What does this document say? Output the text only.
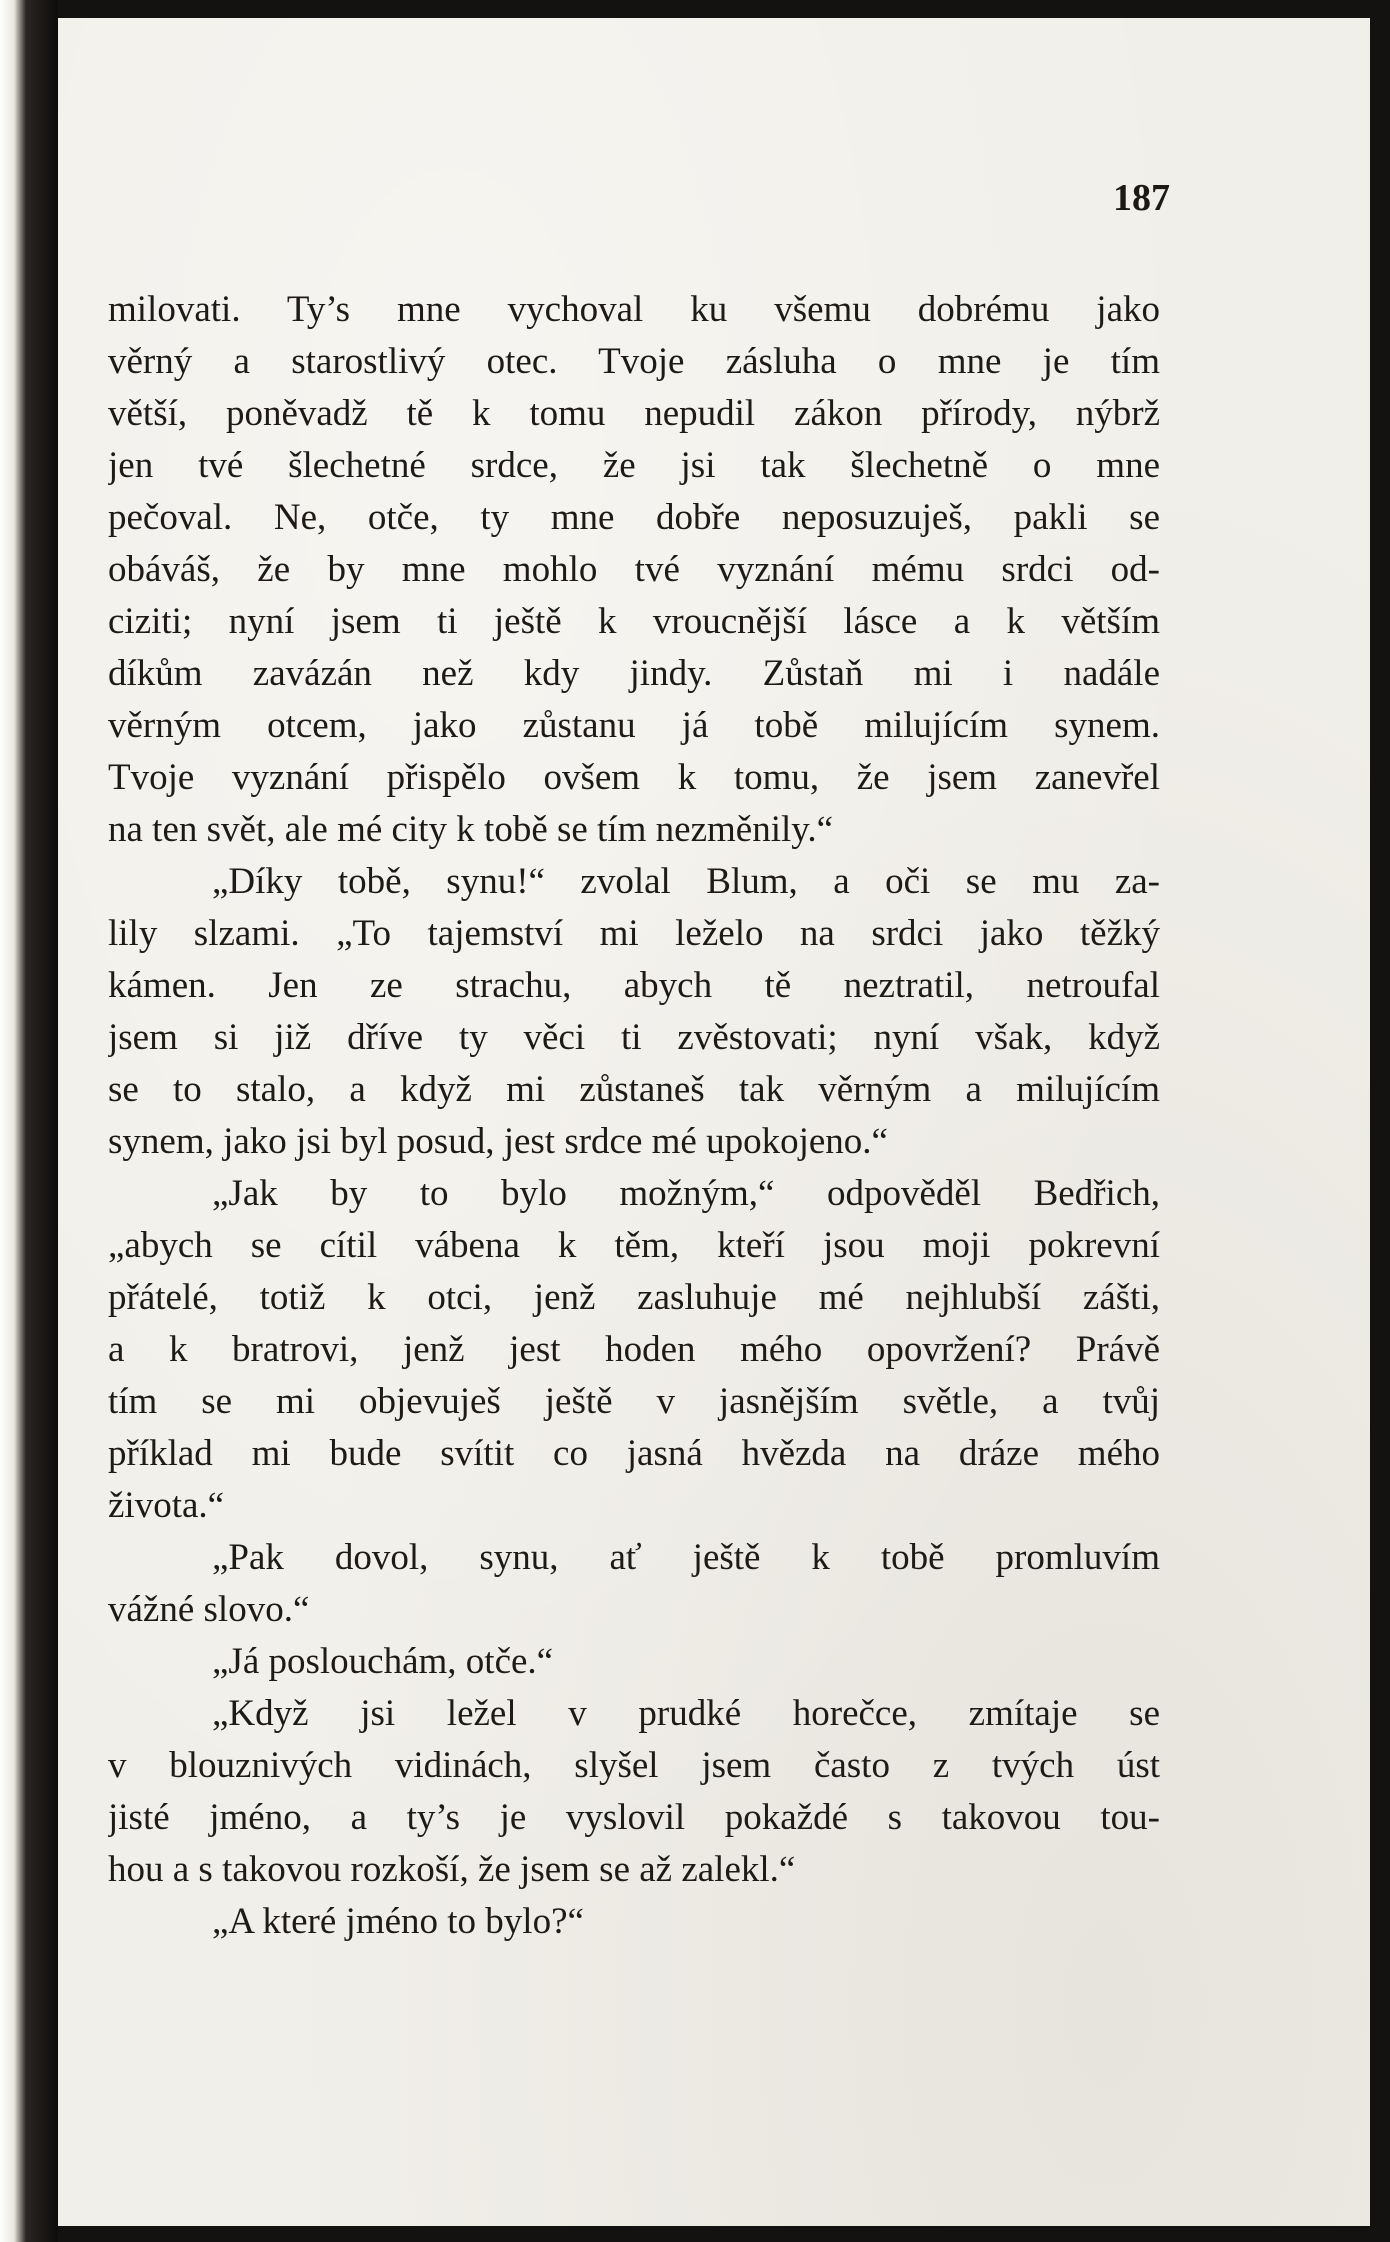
187
milovati. Ty’s mne vychoval ku všemu dobrému jako
věrný a starostlivý otec. Tvoje zásluha o mne je tím
větší, poněvadž tě k tomu nepudil zákon přírody, nýbrž
jen tvé šlechetné srdce, že jsi tak šlechetně o mne
pečoval. Ne, otče, ty mne dobře neposuzuješ, pakli se
obáváš, že by mne mohlo tvé vyznání mému srdci od-
ciziti; nyní jsem ti ještě k vroucnější lásce a k větším
díkům zavázán než kdy jindy. Zůstaň mi i nadále
věrným otcem, jako zůstanu já tobě milujícím synem.
Tvoje vyznání přispělo ovšem k tomu, že jsem zanevřel
na ten svět, ale mé city k tobě se tím nezměnily.“
„Díky tobě, synu!“ zvolal Blum, a oči se mu za-
lily slzami. „To tajemství mi leželo na srdci jako těžký
kámen. Jen ze strachu, abych tě neztratil, netroufal
jsem si již dříve ty věci ti zvěstovati; nyní však, když
se to stalo, a když mi zůstaneš tak věrným a milujícím
synem, jako jsi byl posud, jest srdce mé upokojeno.“
„Jak by to bylo možným,“ odpověděl Bedřich,
„abych se cítil vábena k těm, kteří jsou moji pokrevní
přátelé, totiž k otci, jenž zasluhuje mé nejhlubší zášti,
a k bratrovi, jenž jest hoden mého opovržení? Právě
tím se mi objevuješ ještě v jasnějším světle, a tvůj
příklad mi bude svítit co jasná hvězda na dráze mého
života.“
„Pak dovol, synu, ať ještě k tobě promluvím
vážné slovo.“
„Já poslouchám, otče.“
„Když jsi ležel v prudké horečce, zmítaje se
v blouznivých vidinách, slyšel jsem často z tvých úst
jisté jméno, a ty’s je vyslovil pokaždé s takovou tou-
hou a s takovou rozkoší, že jsem se až zalekl.“
„A které jméno to bylo?“
